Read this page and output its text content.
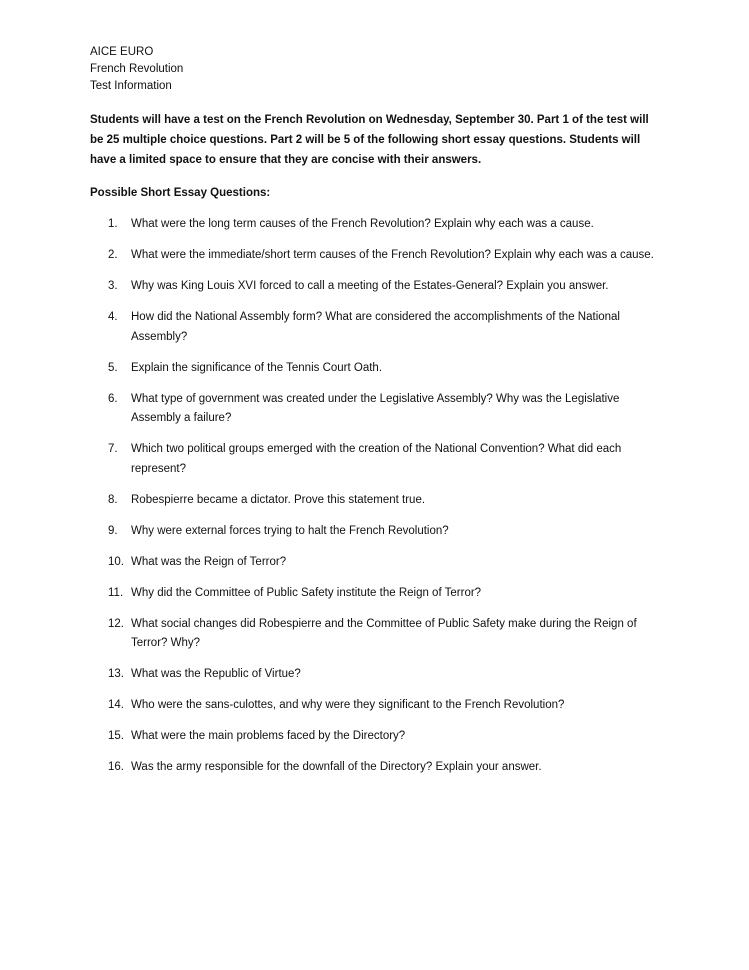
AICE EURO
French Revolution
Test Information

Students will have a test on the French Revolution on Wednesday, September 30. Part 1 of the test will be 25 multiple choice questions. Part 2 will be 5 of the following short essay questions. Students will have a limited space to ensure that they are concise with their answers.

Possible Short Essay Questions:
1.	What were the long term causes of the French Revolution? Explain why each was a cause.
2.	What were the immediate/short term causes of the French Revolution? Explain why each was a cause.
3.	Why was King Louis XVI forced to call a meeting of the Estates-General? Explain you answer.
4.	How did the National Assembly form? What are considered the accomplishments of the National Assembly?
5.	Explain the significance of the Tennis Court Oath.
6.	What type of government was created under the Legislative Assembly? Why was the Legislative Assembly a failure?
7.	Which two political groups emerged with the creation of the National Convention? What did each represent?
8.	Robespierre became a dictator. Prove this statement true.
9.	Why were external forces trying to halt the French Revolution?
10. What was the Reign of Terror?
11. Why did the Committee of Public Safety institute the Reign of Terror?
12. What social changes did Robespierre and the Committee of Public Safety make during the Reign of Terror? Why?
13. What was the Republic of Virtue?
14. Who were the sans-culottes, and why were they significant to the French Revolution?
15. What were the main problems faced by the Directory?
16. Was the army responsible for the downfall of the Directory? Explain your answer.
